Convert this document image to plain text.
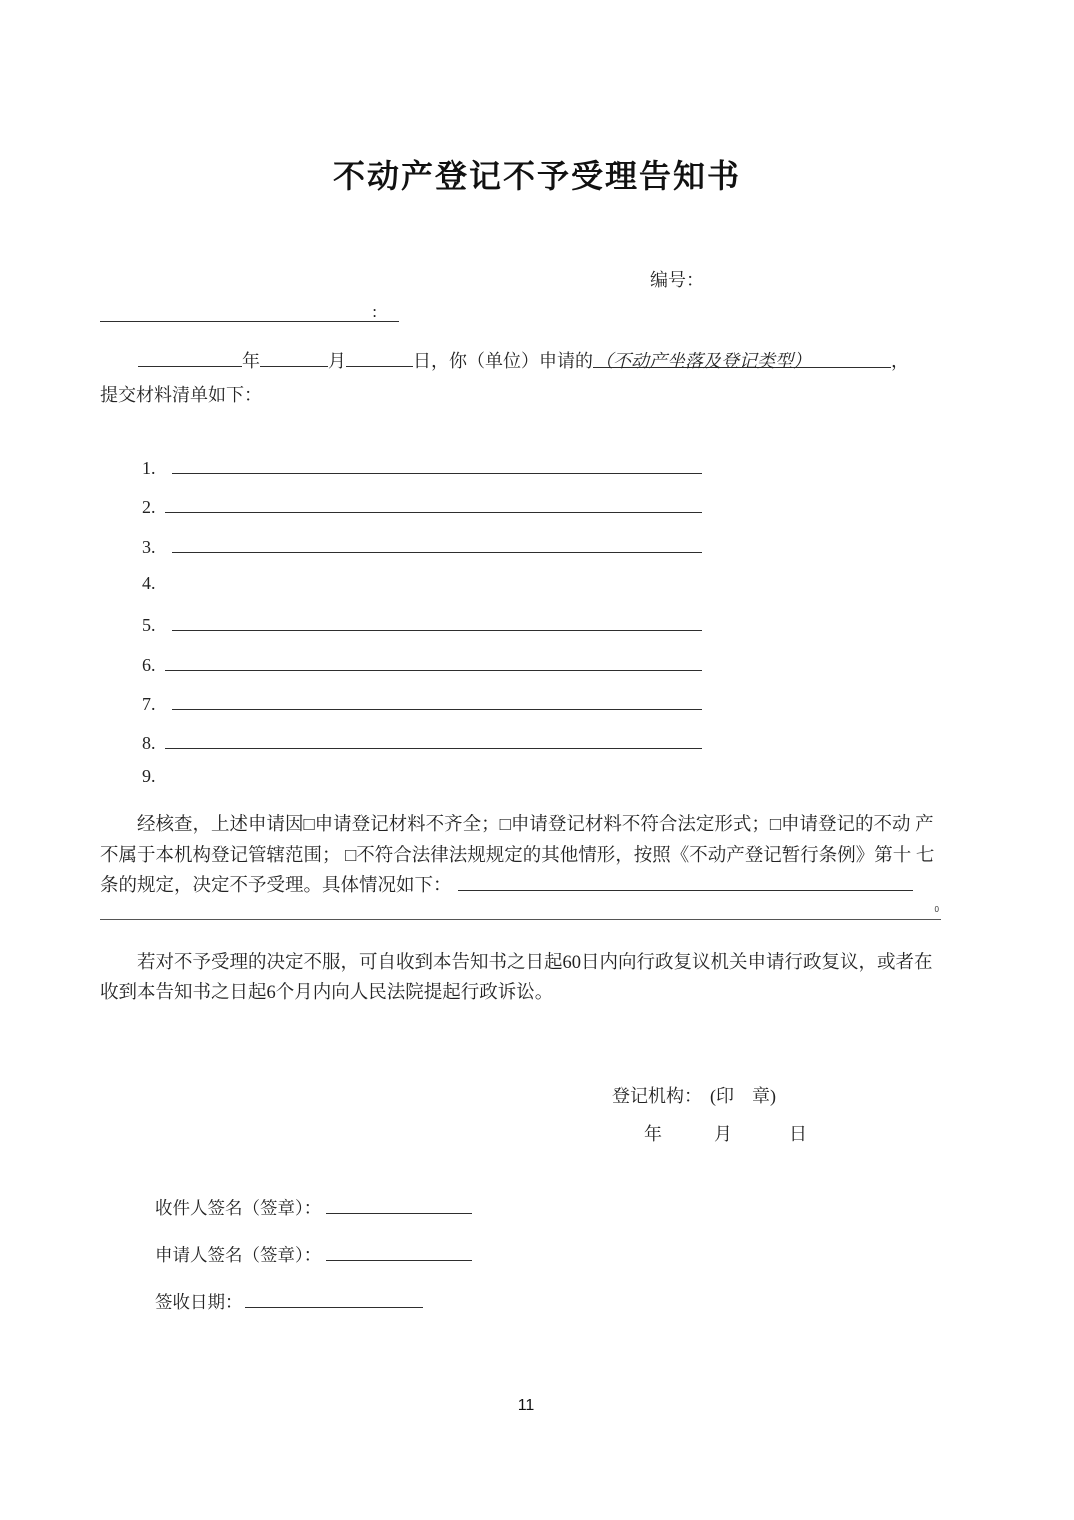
不动产登记不予受理告知书
编号：
:
年	月	日，你（单位）申请的 （不动产坐落及登记类型）	，
提交材料清单如下：
1.
2.
3.
4.
5.
6.
7.
8.
9.
经核查，上述申请因□申请登记材料不齐全；□申请登记材料不符合法定形式；□申请登记的不动 产
不属于本机构登记管辖范围； □不符合法律法规规定的其他情形，按照《不动产登记暂行条例》第十 七
条的规定，决定不予受理。具体情况如下：
0
若对不予受理的决定不服，可自收到本告知书之日起60日内向行政复议机关申请行政复议，或者在
收到本告知书之日起6个月内向人民法院提起行政诉讼。
登记机构： (印　章)
年	月	日
收件人签名（签章）：
申请人签名（签章）：
签收日期：
11
